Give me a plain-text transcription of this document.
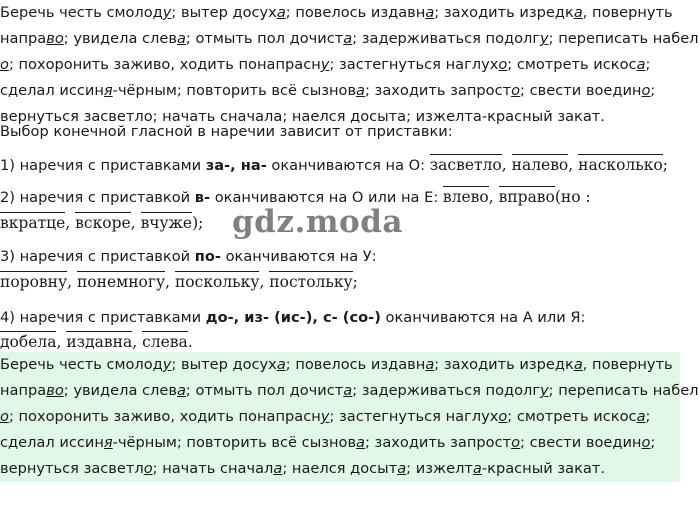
Беречь честь смолоду; вытер досуха; повелось издавна; заходить изредка, повернуть
направо; увидела слева; отмыть пол дочиста; задерживаться подолгу; переписать набел
о; похоронить заживо, ходить понапрасну; застегнуться наглухо; смотреть искоса;
сделал иссиня-чёрным; повторить всё сызнова; заходить запросто; свести воедино;
вернуться засветло; начать сначала; наелся досыта; изжелта-красный закат.
Выбор конечной гласной в наречии зависит от приставки:
1) наречия с приставками за-, на- оканчиваются на О: засветло, налево, насколько;
2) наречия с приставкой в- оканчиваются на О или на Е: влево, вправо(но :
вкратце, вскоре, вчуже);
3) наречия с приставкой по- оканчиваются на У:
поровну, понемногу, поскольку, постольку;
4) наречия с приставками до-, из- (ис-), с- (со-) оканчиваются на А или Я:
добела, издавна, слева.
Беречь честь смолоду; вытер досуха; повелось издавна; заходить изредка, повернуть
направо; увидела слева; отмыть пол дочиста; задерживаться подолгу; переписать набел
о; похоронить заживо, ходить понапрасну; застегнуться наглухо; смотреть искоса;
сделал иссиня-чёрным; повторить всё сызнова; заходить запросто; свести воедино;
вернуться засветло; начать сначала; наелся досыта; изжелта-красный закат.
gdz.moda
